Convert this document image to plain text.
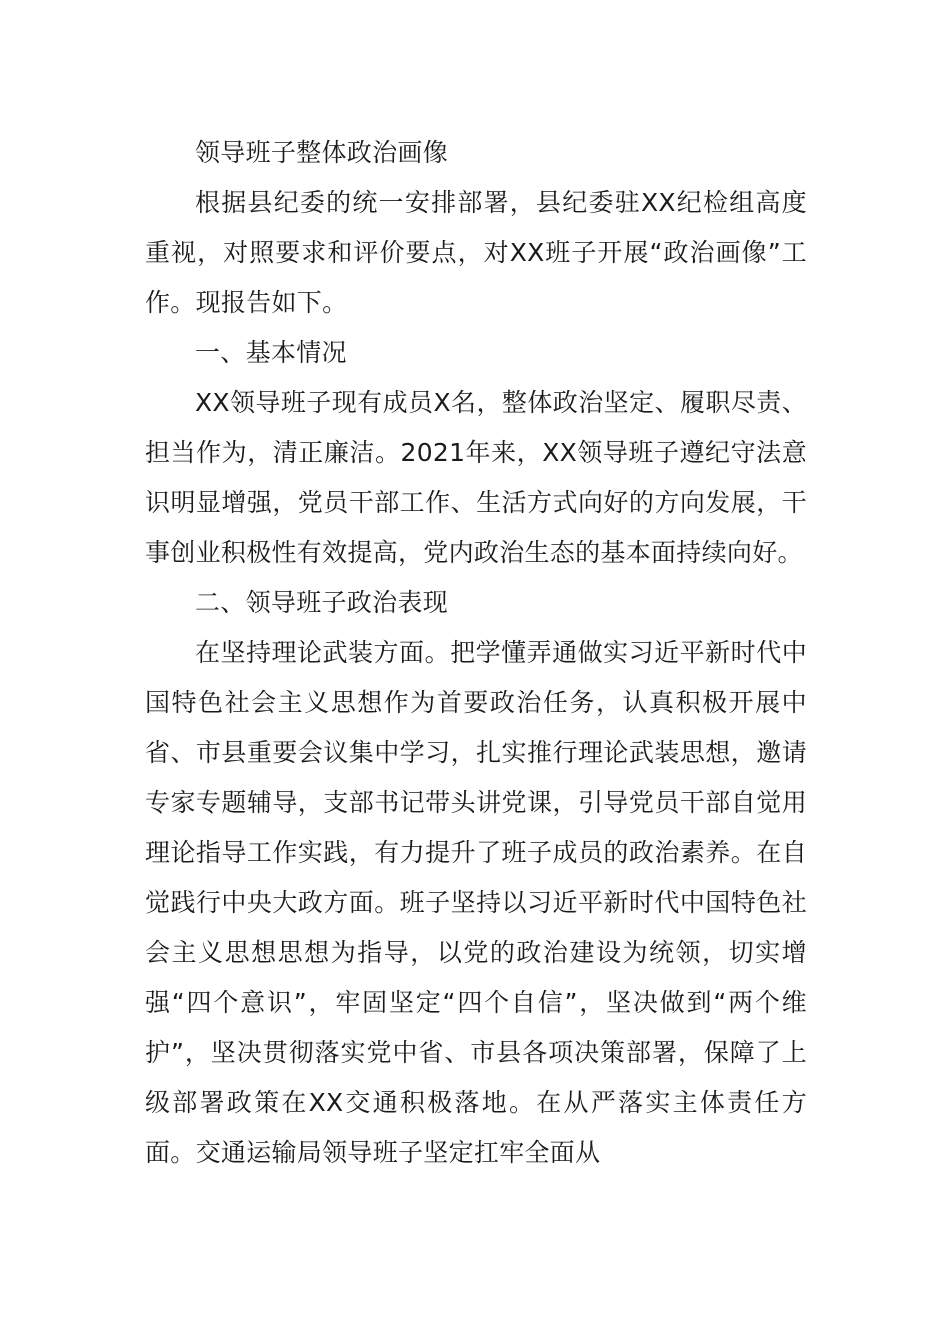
领导班子整体政治画像

根据县纪委的统一安排部署，县纪委驻XX纪检组高度重视，对照要求和评价要点，对XX班子开展“政治画像”工作。现报告如下。

一、基本情况

XX领导班子现有成员X名，整体政治坚定、履职尽责、担当作为，清正廉洁。2021年来，XX领导班子遵纪守法意识明显增强，党员干部工作、生活方式向好的方向发展，干事创业积极性有效提高，党内政治生态的基本面持续向好。

二、领导班子政治表现

在坚持理论武装方面。把学懂弄通做实习近平新时代中国特色社会主义思想作为首要政治任务，认真积极开展中省、市县重要会议集中学习，扎实推行理论武装思想，邀请专家专题辅导，支部书记带头讲党课，引导党员干部自觉用理论指导工作实践，有力提升了班子成员的政治素养。在自觉践行中央大政方面。班子坚持以习近平新时代中国特色社会主义思想思想为指导，以党的政治建设为统领，切实增强“四个意识”，牢固坚定“四个自信”，坚决做到“两个维护”，坚决贯彻落实党中省、市县各项决策部署，保障了上级部署政策在XX交通积极落地。在从严落实主体责任方面。交通运输局领导班子坚定扛牢全面从
